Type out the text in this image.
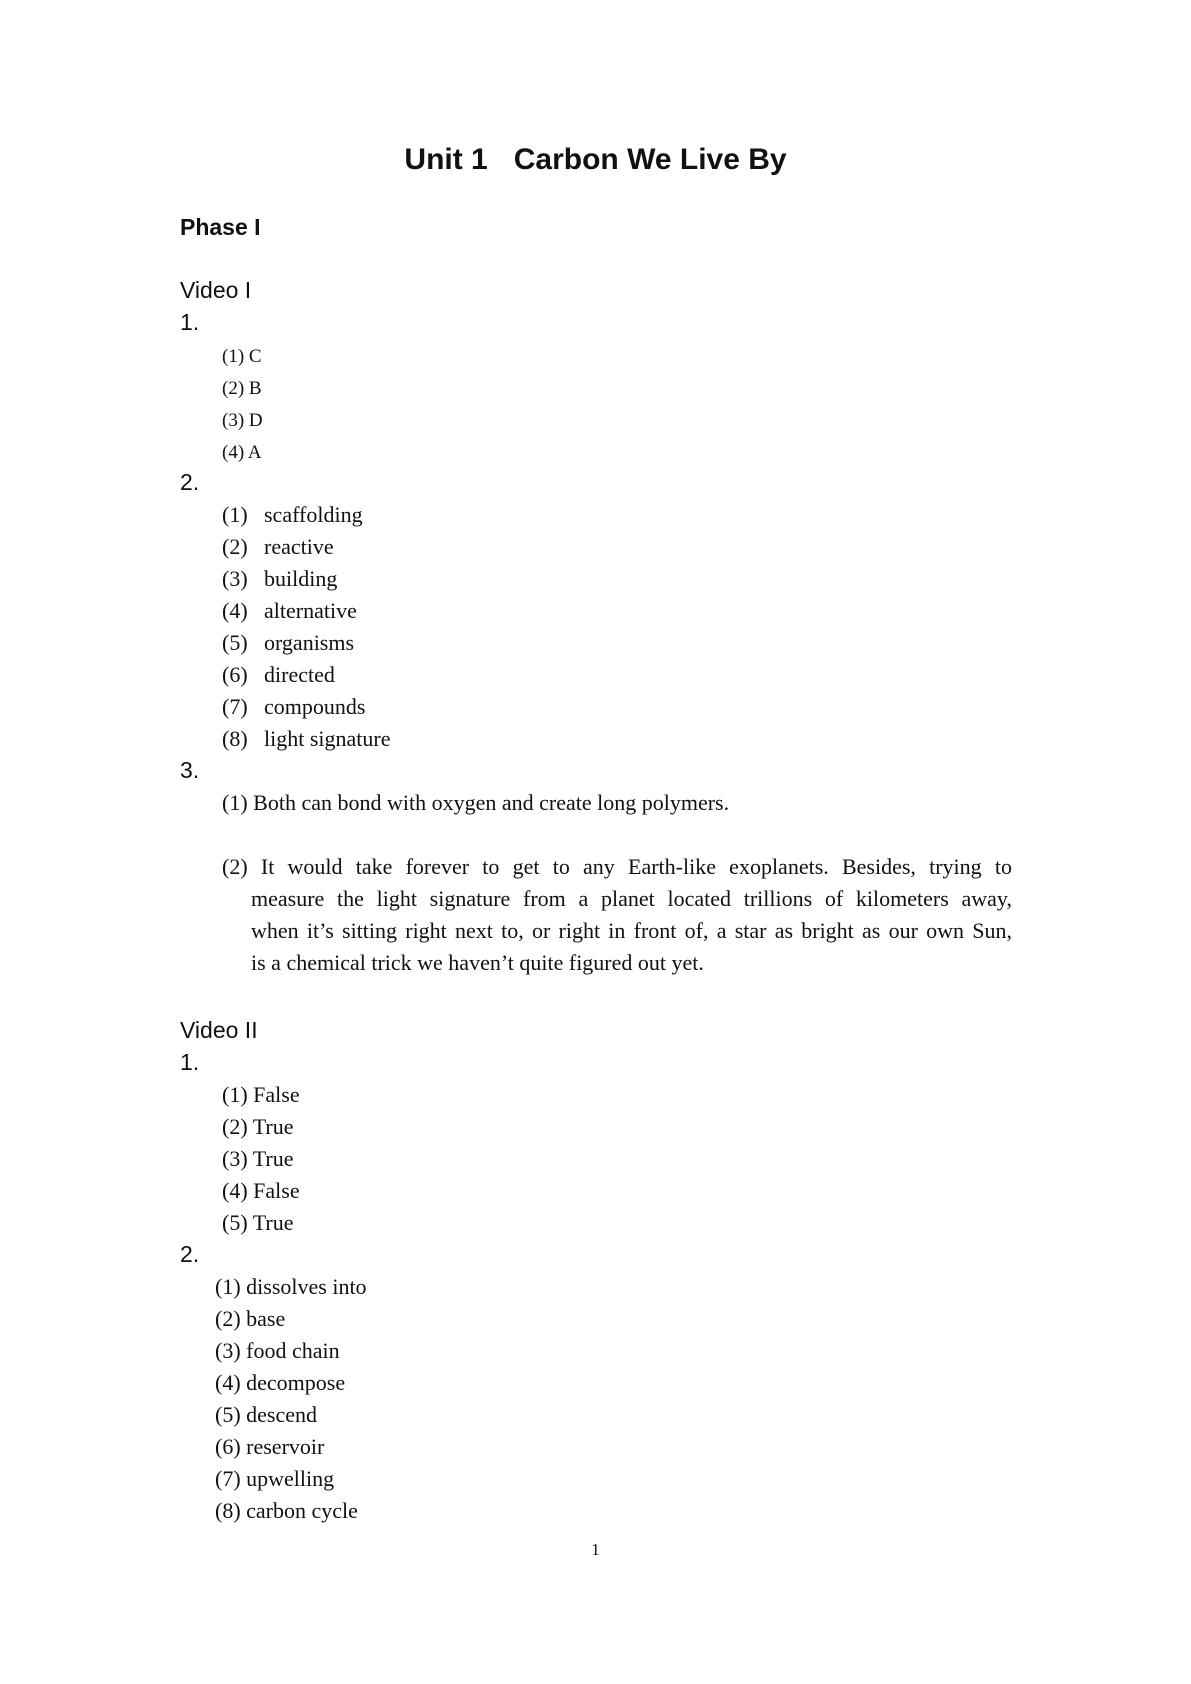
Unit 1 Carbon We Live By
Phase I
Video I
1.
(1) C
(2) B
(3) D
(4) A
2.
(1) scaffolding
(2) reactive
(3) building
(4) alternative
(5) organisms
(6) directed
(7) compounds
(8) light signature
3.
(1) Both can bond with oxygen and create long polymers.
(2) It would take forever to get to any Earth-like exoplanets. Besides, trying to
measure the light signature from a planet located trillions of kilometers away,
when it’s sitting right next to, or right in front of, a star as bright as our own Sun,
is a chemical trick we haven’t quite figured out yet.
Video II
1.
(1) False
(2) True
(3) True
(4) False
(5) True
2.
(1) dissolves into
(2) base
(3) food chain
(4) decompose
(5) descend
(6) reservoir
(7) upwelling
(8) carbon cycle
1
